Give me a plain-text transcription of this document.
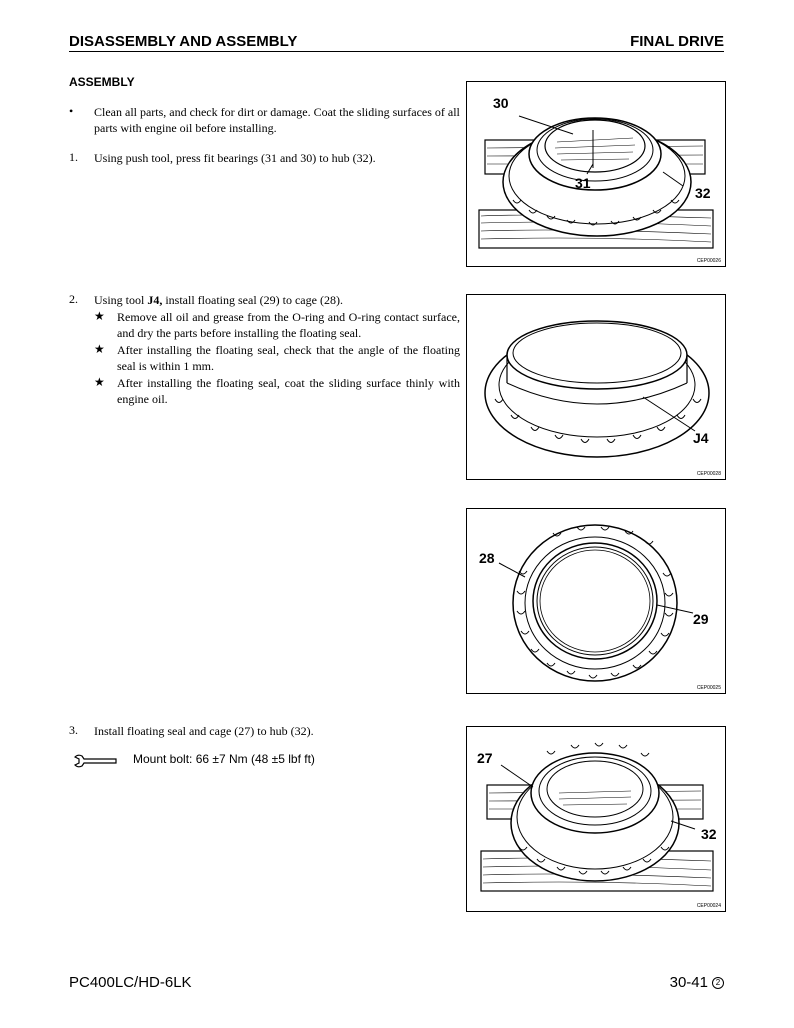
DISASSEMBLY AND ASSEMBLY	FINAL DRIVE
ASSEMBLY
• Clean all parts, and check for dirt or damage. Coat the sliding surfaces of all parts with engine oil before installing.
1. Using push tool, press fit bearings (31 and 30) to hub (32).
2. Using tool J4, install floating seal (29) to cage (28).
★ Remove all oil and grease from the O-ring and O-ring contact surface, and dry the parts before installing the floating seal.
★ After installing the floating seal, check that the angle of the floating seal is within 1 mm.
★ After installing the floating seal, coat the sliding surface thinly with engine oil.
3. Install floating seal and cage (27) to hub (32).
Mount bolt: 66 ±7 Nm (48 ±5 lbf ft)
30
31
32
CEP00026
J4
CEP00028
28
29
CEP00025
27
32
CEP00024
PC400LC/HD-6LK	30-41 2
